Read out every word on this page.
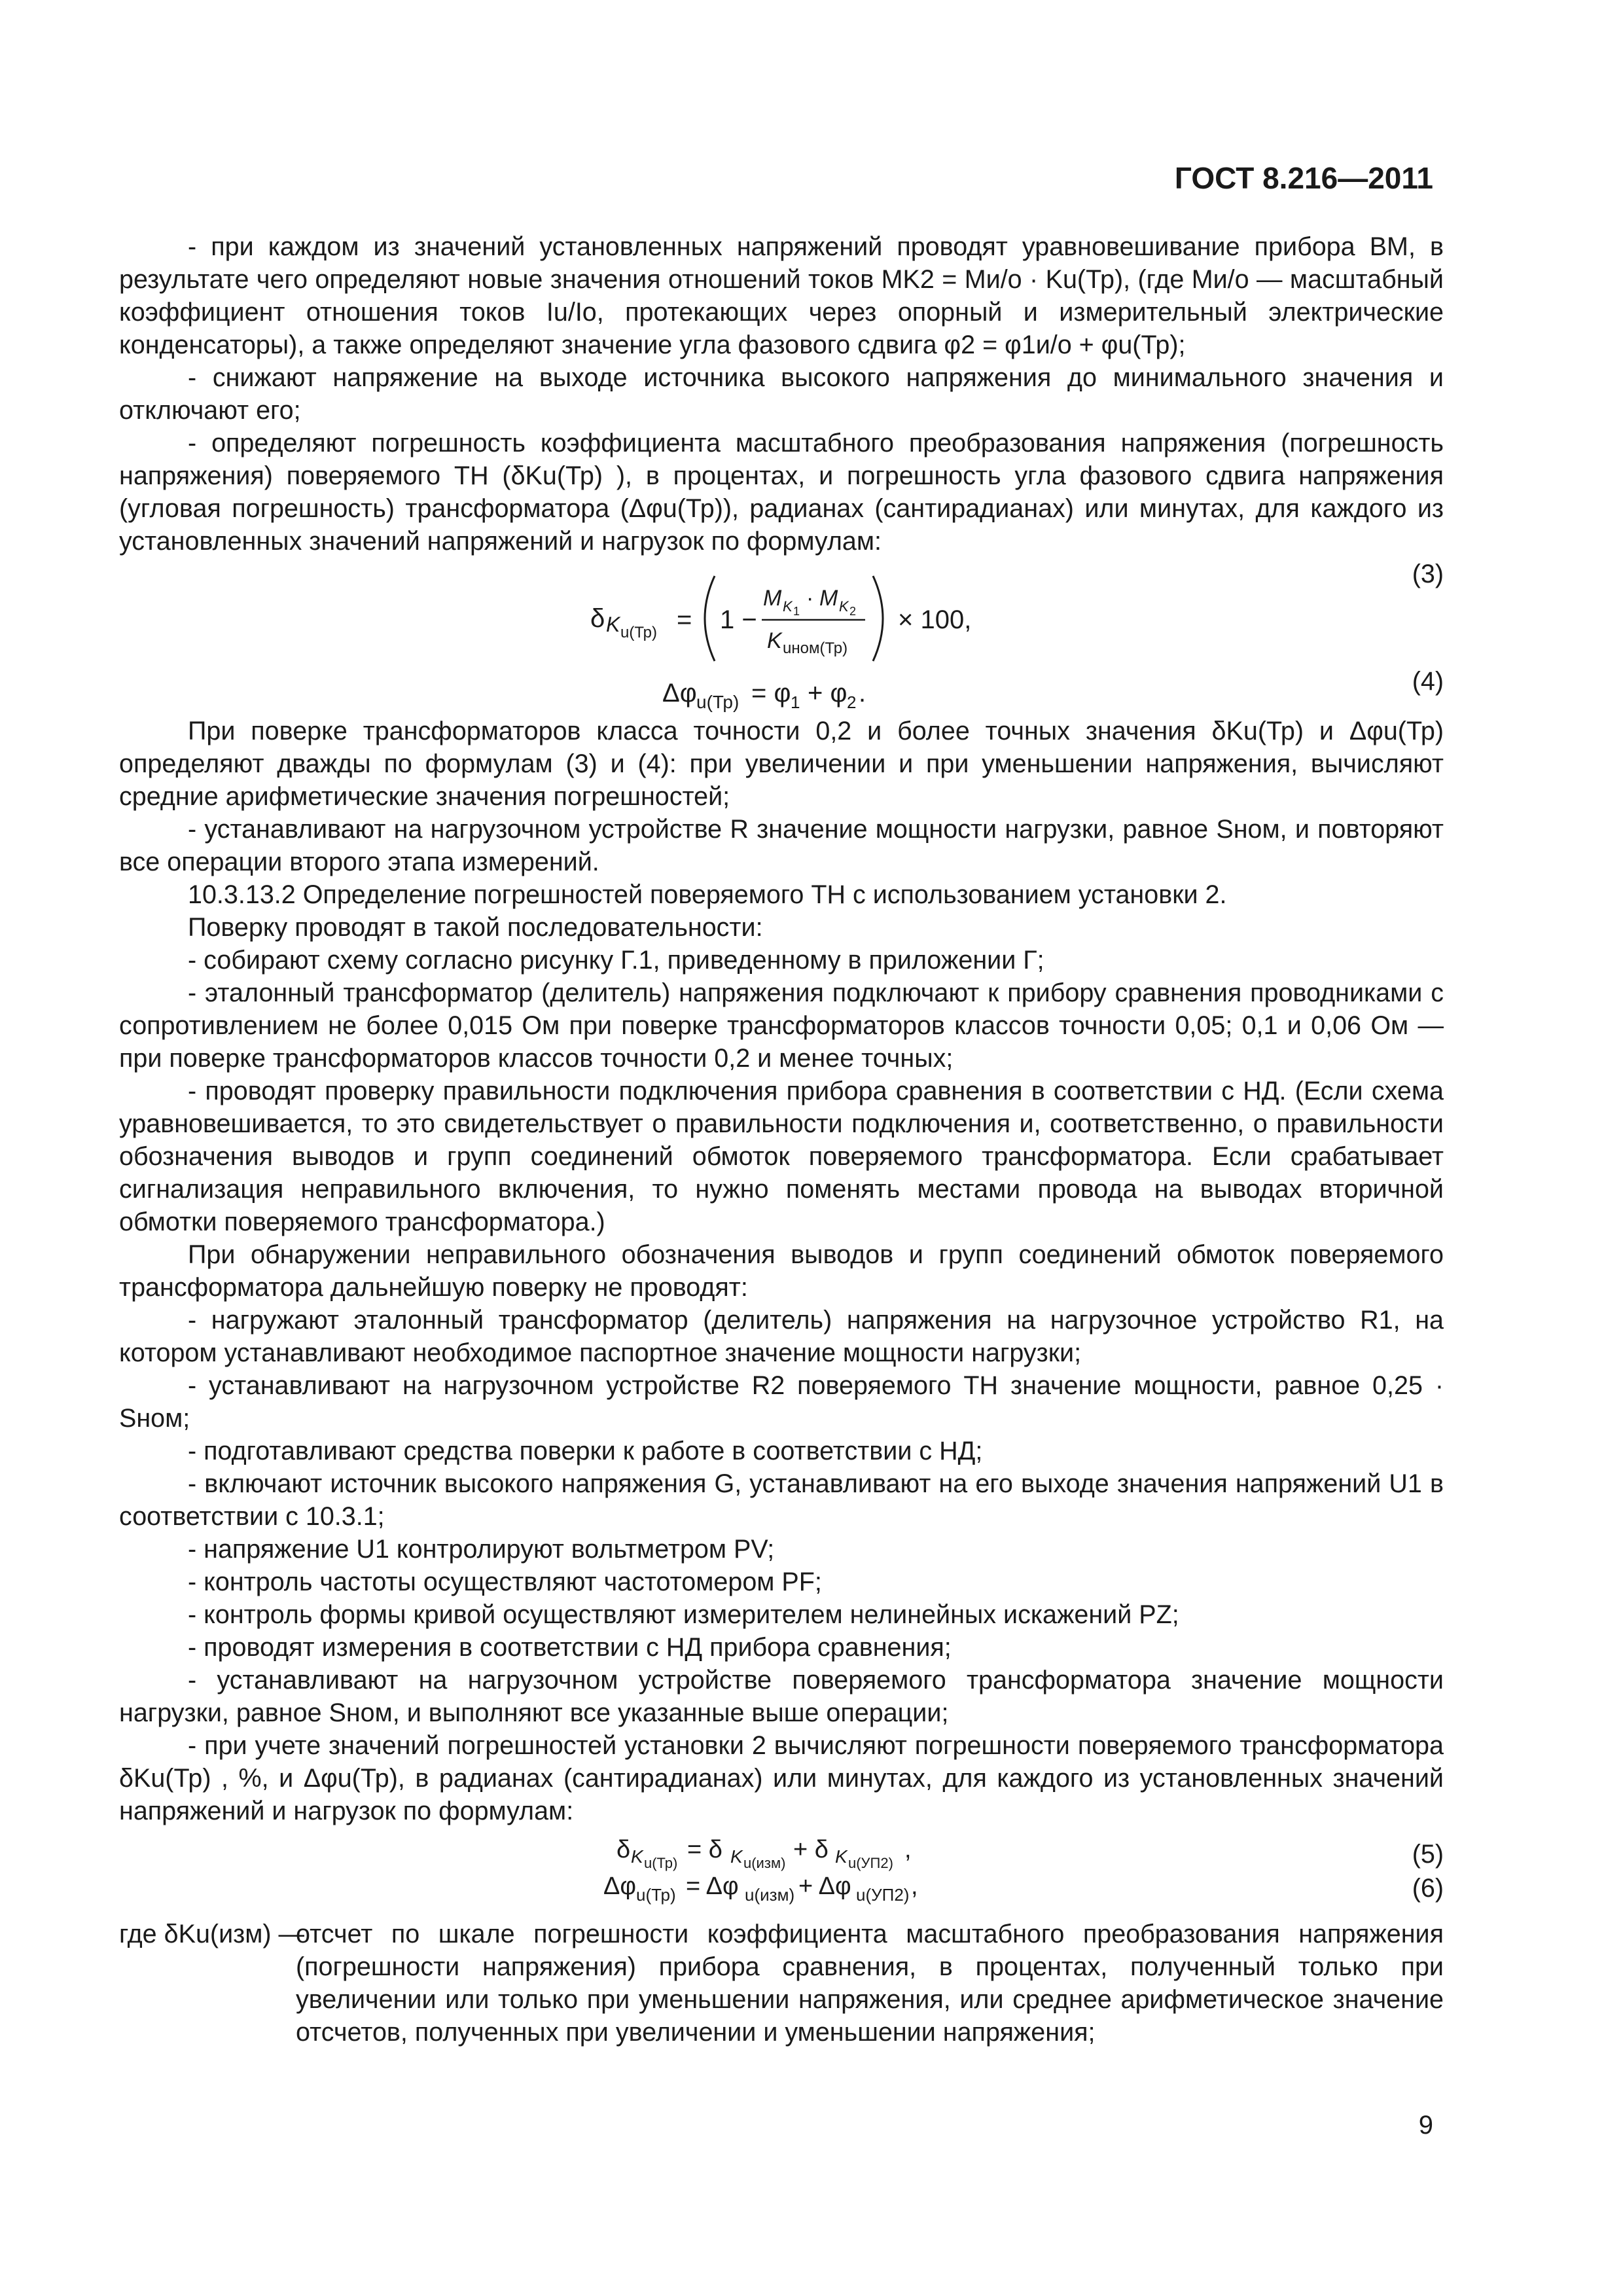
ГОСТ 8.216—2011

- при каждом из значений установленных напряжений проводят уравновешивание прибора ВМ, в результате чего определяют новые значения отношений токов MK2 = Mи/о · Ku(Тр), (где Mи/о — масштабный коэффициент отношения токов Iu/Io, протекающих через опорный и измерительный электрические конденсаторы), а также определяют значение угла фазового сдвига φ2 = φ1и/о + φu(Тр);

- снижают напряжение на выходе источника высокого напряжения до минимального значения и отключают его;

- определяют погрешность коэффициента масштабного преобразования напряжения (погрешность напряжения) поверяемого ТН (δKu(Тр) ), в процентах, и погрешность угла фазового сдвига напряжения (угловая погрешность) трансформатора (Δφu(Тр)), радианах (сантирадианах) или минутах, для каждого из установленных значений напряжений и нагрузок по формулам:

δ K u(Тр) = 1 −
M K 1
· M K 2
K uном(Тр)
× 100,
(3)
Δφ u(Тр) = φ 1 + φ 2 .	(4)

При поверке трансформаторов класса точности 0,2 и более точных значения δKu(Тр) и Δφu(Тр) определяют дважды по формулам (3) и (4): при увеличении и при уменьшении напряжения, вычисляют средние арифметические значения погрешностей;

- устанавливают на нагрузочном устройстве R значение мощности нагрузки, равное Sном, и повторяют все операции второго этапа измерений.

10.3.13.2 Определение погрешностей поверяемого ТН с использованием установки 2.

Поверку проводят в такой последовательности:

- собирают схему согласно рисунку Г.1, приведенному в приложении Г;

- эталонный трансформатор (делитель) напряжения подключают к прибору сравнения проводниками с сопротивлением не более 0,015 Ом при поверке трансформаторов классов точности 0,05; 0,1 и 0,06 Ом — при поверке трансформаторов классов точности 0,2 и менее точных;

- проводят проверку правильности подключения прибора сравнения в соответствии с НД. (Если схема уравновешивается, то это свидетельствует о правильности подключения и, соответственно, о правильности обозначения выводов и групп соединений обмоток поверяемого трансформатора. Если срабатывает сигнализация неправильного включения, то нужно поменять местами провода на выводах вторичной обмотки поверяемого трансформатора.)

При обнаружении неправильного обозначения выводов и групп соединений обмоток поверяемого трансформатора дальнейшую поверку не проводят:

- нагружают эталонный трансформатор (делитель) напряжения на нагрузочное устройство R1, на котором устанавливают необходимое паспортное значение мощности нагрузки;

- устанавливают на нагрузочном устройстве R2 поверяемого ТН значение мощности, равное 0,25 · Sном;

- подготавливают средства поверки к работе в соответствии с НД;

- включают источник высокого напряжения G, устанавливают на его выходе значения напряжений U1 в соответствии с 10.3.1;

- напряжение U1 контролируют вольтметром PV;

- контроль частоты осуществляют частотомером PF;

- контроль формы кривой осуществляют измерителем нелинейных искажений PZ;

- проводят измерения в соответствии с НД прибора сравнения;

- устанавливают на нагрузочном устройстве поверяемого трансформатора значение мощности нагрузки, равное Sном, и выполняют все указанные выше операции;

- при учете значений погрешностей установки 2 вычисляют погрешности поверяемого трансформатора δKu(Тр) , %, и Δφu(Тр), в радианах (сантирадианах) или минутах, для каждого из установленных значений напряжений и нагрузок по формулам:

δ K u(Тр) = δ K u(изм) + δ K u(УП2) ,	(5)
Δφ u(Тр) = Δφ u(изм) + Δφ u(УП2) ,	(6)
где δKu(изм) —
отсчет по шкале погрешности коэффициента масштабного преобразования напряжения (погрешности напряжения) прибора сравнения, в процентах, полученный только при увеличении или только при уменьшении напряжения, или среднее арифметическое значение отсчетов, полученных при увеличении и уменьшении напряжения;
9
